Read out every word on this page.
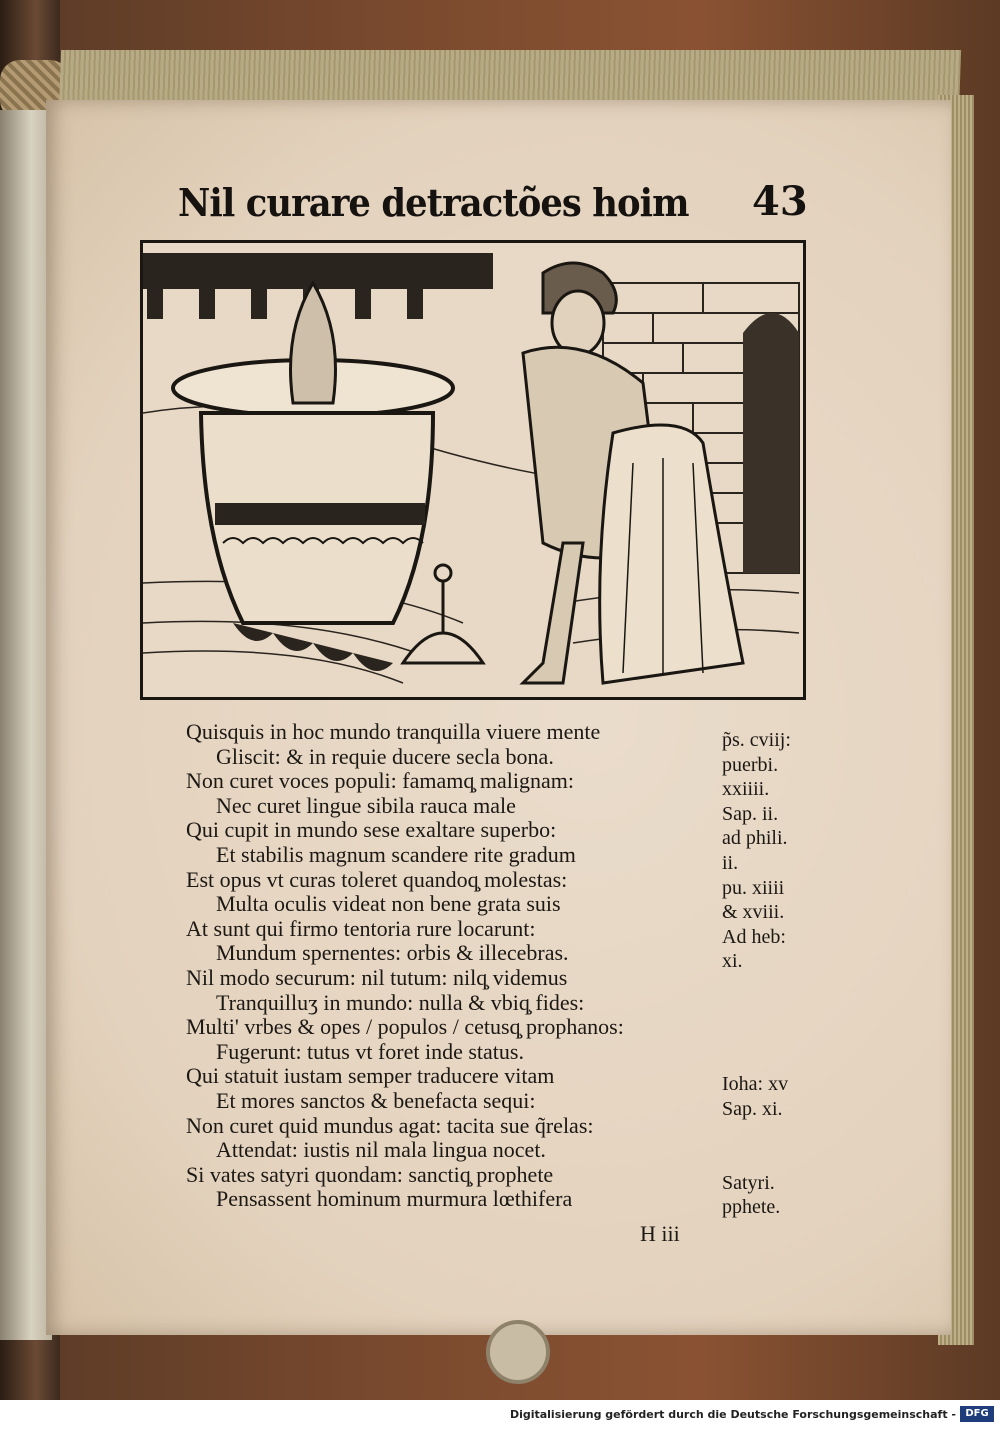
Nil curare detractões hoim 43
Quisquis in hoc mundo tranquilla viuere mente
Gliscit: & in requie ducere secla bona.
Non curet voces populi: famamq̧ malignam:
Nec curet lingue sibila rauca male
Qui cupit in mundo sese exaltare superbo:
Et stabilis magnum scandere rite gradum
Est opus vt curas toleret quandoq̧ molestas:
Multa oculis videat non bene grata suis
At sunt qui firmo tentoria rure locarunt:
Mundum spernentes: orbis & illecebras.
Nil modo securum: nil tutum: nilq̧ videmus
Tranquilluʒ in mundo: nulla & vbiq̧ fides:
Multi' vrbes & opes / populos / cetusq̧ prophanos:
Fugerunt: tutus vt foret inde status.
Qui statuit iustam semper traducere vitam
Et mores sanctos & benefacta sequi:
Non curet quid mundus agat: tacita sue q̃relas:
Attendat: iustis nil mala lingua nocet.
Si vates satyri quondam: sanctiq̧ prophete
Pensassent hominum murmura lœthifera
p̃s. cviij:
puerbi.
xxiiii.
Sap. ii.
ad phili.
ii.
pu. xiiii
& xviii.
Ad heb:
xi.

Ioha: xv
Sap. xi.

Satyri.
pphete.
H iii
Digitalisierung gefördert durch die Deutsche Forschungsgemeinschaft - DFG
